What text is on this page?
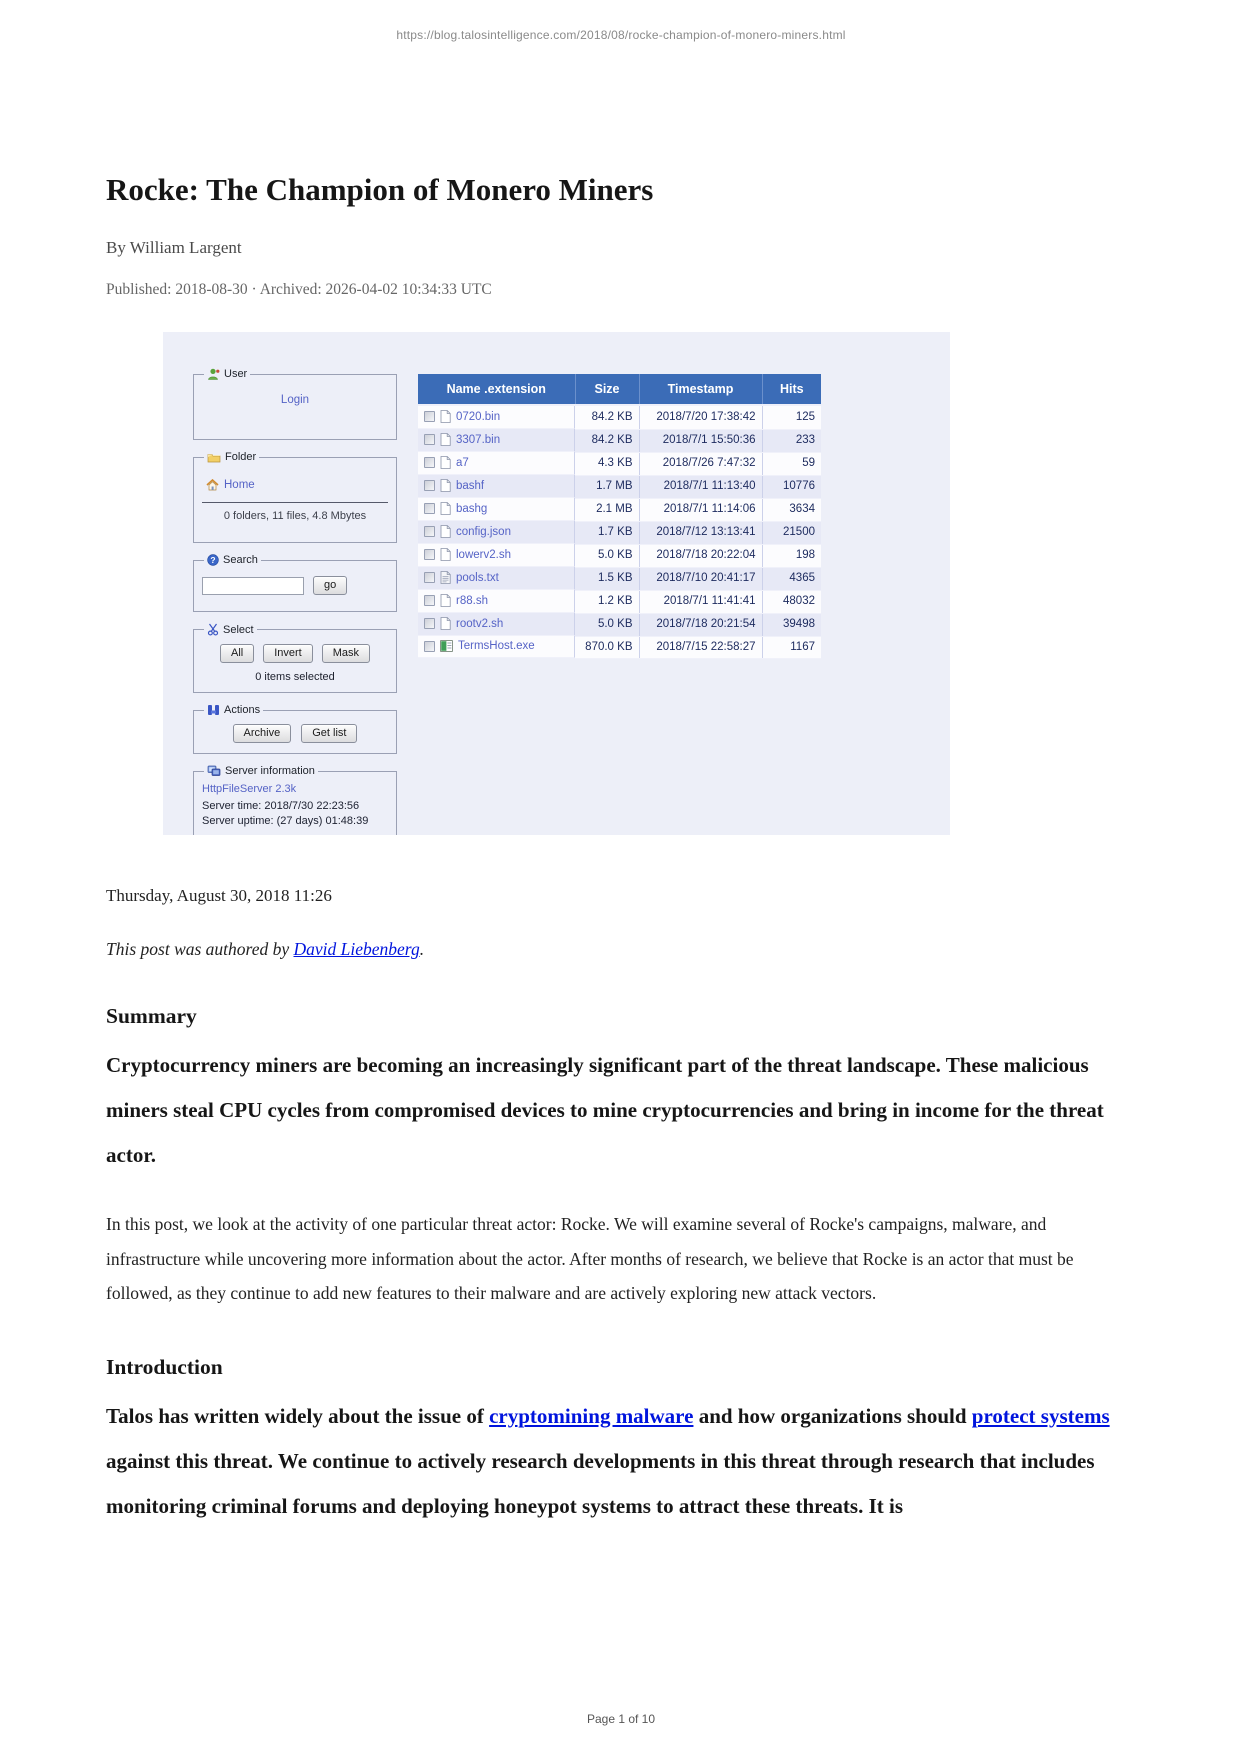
https://blog.talosintelligence.com/2018/08/rocke-champion-of-monero-miners.html
Rocke: The Champion of Monero Miners
By William Largent
Published: 2018-08-30 · Archived: 2026-04-02 10:34:33 UTC
User
Login
Folder
Home
0 folders, 11 files, 4.8 Mbytes
? Search
go
Select
All	Invert	Mask
0 items selected
Actions
Archive	Get list
Server information
HttpFileServer 2.3k
Server time: 2018/7/30 22:23:56
Server uptime: (27 days) 01:48:39
Name .extension	Size	Timestamp	Hits

0720.bin	84.2 KB	2018/7/20 17:38:42	125

3307.bin	84.2 KB	2018/7/1 15:50:36	233

a7	4.3 KB	2018/7/26 7:47:32	59

bashf	1.7 MB	2018/7/1 11:13:40	10776

bashg	2.1 MB	2018/7/1 11:14:06	3634

config.json	1.7 KB	2018/7/12 13:13:41	21500

lowerv2.sh	5.0 KB	2018/7/18 20:22:04	198

pools.txt	1.5 KB	2018/7/10 20:41:17	4365

r88.sh	1.2 KB	2018/7/1 11:41:41	48032

rootv2.sh	5.0 KB	2018/7/18 20:21:54	39498

TermsHost.exe	870.0 KB	2018/7/15 22:58:27	1167
Thursday, August 30, 2018 11:26
This post was authored by David Liebenberg.
Summary
Cryptocurrency miners are becoming an increasingly significant part of the threat landscape. These malicious miners steal CPU cycles from compromised devices to mine cryptocurrencies and bring in income for the threat actor.
In this post, we look at the activity of one particular threat actor: Rocke. We will examine several of Rocke's campaigns, malware, and infrastructure while uncovering more information about the actor. After months of research, we believe that Rocke is an actor that must be followed, as they continue to add new features to their malware and are actively exploring new attack vectors.
Introduction
Talos has written widely about the issue of cryptomining malware and how organizations should protect systems against this threat. We continue to actively research developments in this threat through research that includes monitoring criminal forums and deploying honeypot systems to attract these threats. It is
Page 1 of 10
